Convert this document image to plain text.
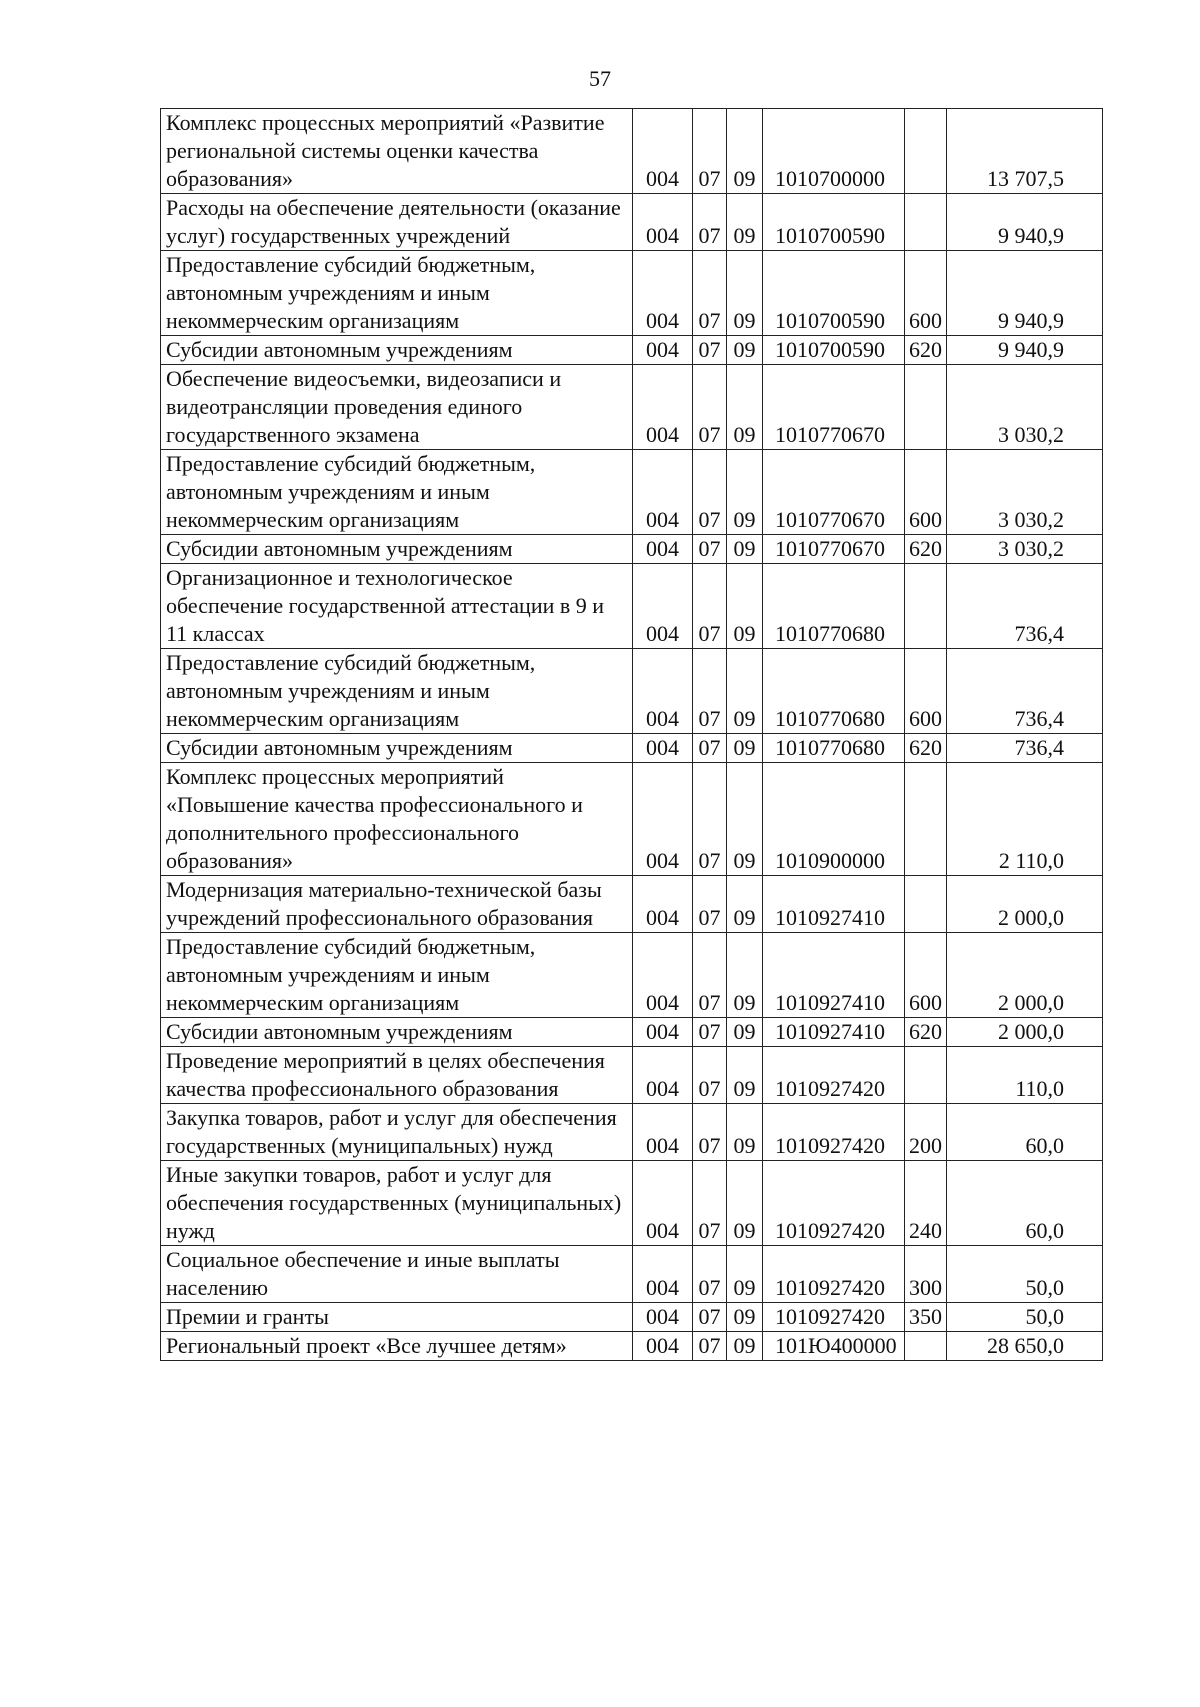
57
Комплекс процессных мероприятий «Развитие региональной системы оценки качества образования»	004	07	09	1010700000		13 707,5
Расходы на обеспечение деятельности (оказание услуг) государственных учреждений	004	07	09	1010700590		9 940,9
Предоставление субсидий бюджетным, автономным учреждениям и иным некоммерческим организациям	004	07	09	1010700590	600	9 940,9
Субсидии автономным учреждениям	004	07	09	1010700590	620	9 940,9
Обеспечение видеосъемки, видеозаписи и видеотрансляции проведения единого государственного экзамена	004	07	09	1010770670		3 030,2
Предоставление субсидий бюджетным, автономным учреждениям и иным некоммерческим организациям	004	07	09	1010770670	600	3 030,2
Субсидии автономным учреждениям	004	07	09	1010770670	620	3 030,2
Организационное и технологическое обеспечение государственной аттестации в 9 и 11 классах	004	07	09	1010770680		736,4
Предоставление субсидий бюджетным, автономным учреждениям и иным некоммерческим организациям	004	07	09	1010770680	600	736,4
Субсидии автономным учреждениям	004	07	09	1010770680	620	736,4
Комплекс процессных мероприятий «Повышение качества профессионального и дополнительного профессионального образования»	004	07	09	1010900000		2 110,0
Модернизация материально-технической базы учреждений профессионального образования	004	07	09	1010927410		2 000,0
Предоставление субсидий бюджетным, автономным учреждениям и иным некоммерческим организациям	004	07	09	1010927410	600	2 000,0
Субсидии автономным учреждениям	004	07	09	1010927410	620	2 000,0
Проведение мероприятий в целях обеспечения качества профессионального образования	004	07	09	1010927420		110,0
Закупка товаров, работ и услуг для обеспечения государственных (муниципальных) нужд	004	07	09	1010927420	200	60,0
Иные закупки товаров, работ и услуг для обеспечения государственных (муниципальных) нужд	004	07	09	1010927420	240	60,0
Социальное обеспечение и иные выплаты населению	004	07	09	1010927420	300	50,0
Премии и гранты	004	07	09	1010927420	350	50,0
Региональный проект «Все лучшее детям»	004	07	09	101Ю400000		28 650,0
